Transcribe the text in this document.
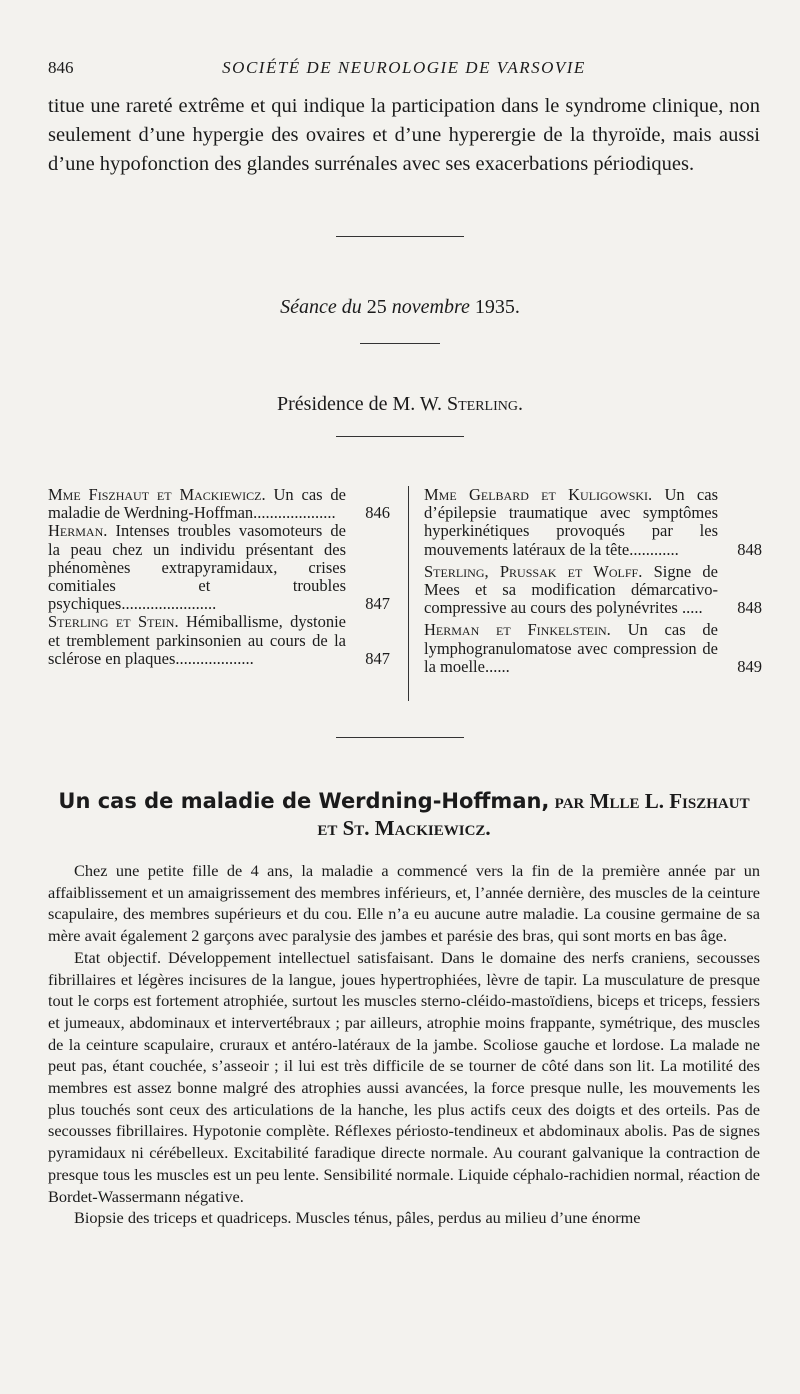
846	SOCIÉTÉ DE NEUROLOGIE DE VARSOVIE

titue une rareté extrême et qui indique la participation dans le syndrome clinique, non seulement d’une hypergie des ovaires et d’une hyperergie de la thyroïde, mais aussi d’une hypofonction des glandes surrénales avec ses exacerbations périodiques.

Séance du 25 novembre 1935.

Présidence de M. W. Sterling.

Mme Fiszhaut et Mackiewicz. Un cas de maladie de Werdning-Hoffman....................	846

Herman. Intenses troubles vasomoteurs de la peau chez un individu présentant des phénomènes extrapyramidaux, crises comitiales et troubles psychiques.......................	847

Sterling et Stein. Hémiballisme, dystonie et tremblement parkinsonien au cours de la sclérose en plaques...................	847

Mme Gelbard et Kuligowski. Un cas d’épilepsie traumatique avec symptômes hyperkinétiques provoqués par les mouvements latéraux de la tête............	848

Sterling, Prussak et Wolff. Signe de Mees et sa modification démarcativo-compressive au cours des polynévrites .....	848

Herman et Finkelstein. Un cas de lymphogranulomatose avec compression de la moelle......	849

Un cas de maladie de Werdning-Hoffman, par Mlle L. Fiszhaut et St. Mackiewicz.

Chez une petite fille de 4 ans, la maladie a commencé vers la fin de la première année par un affaiblissement et un amaigrissement des membres inférieurs, et, l’année dernière, des muscles de la ceinture scapulaire, des membres supérieurs et du cou. Elle n’a eu aucune autre maladie. La cousine germaine de sa mère avait également 2 garçons avec paralysie des jambes et parésie des bras, qui sont morts en bas âge.

Etat objectif. Développement intellectuel satisfaisant. Dans le domaine des nerfs craniens, secousses fibrillaires et légères incisures de la langue, joues hypertrophiées, lèvre de tapir. La musculature de presque tout le corps est fortement atrophiée, surtout les muscles sterno-cléido-mastoïdiens, biceps et triceps, fessiers et jumeaux, abdominaux et intervertébraux ; par ailleurs, atrophie moins frappante, symétrique, des muscles de la ceinture scapulaire, cruraux et antéro-latéraux de la jambe. Scoliose gauche et lordose. La malade ne peut pas, étant couchée, s’asseoir ; il lui est très difficile de se tourner de côté dans son lit. La motilité des membres est assez bonne malgré des atrophies aussi avancées, la force presque nulle, les mouvements les plus touchés sont ceux des articulations de la hanche, les plus actifs ceux des doigts et des orteils. Pas de secousses fibrillaires. Hypotonie complète. Réflexes périosto-tendineux et abdominaux abolis. Pas de signes pyramidaux ni cérébelleux. Excitabilité faradique directe normale. Au courant galvanique la contraction de presque tous les muscles est un peu lente. Sensibilité normale. Liquide céphalo-rachidien normal, réaction de Bordet-Wassermann négative.

Biopsie des triceps et quadriceps. Muscles ténus, pâles, perdus au milieu d’une énorme
